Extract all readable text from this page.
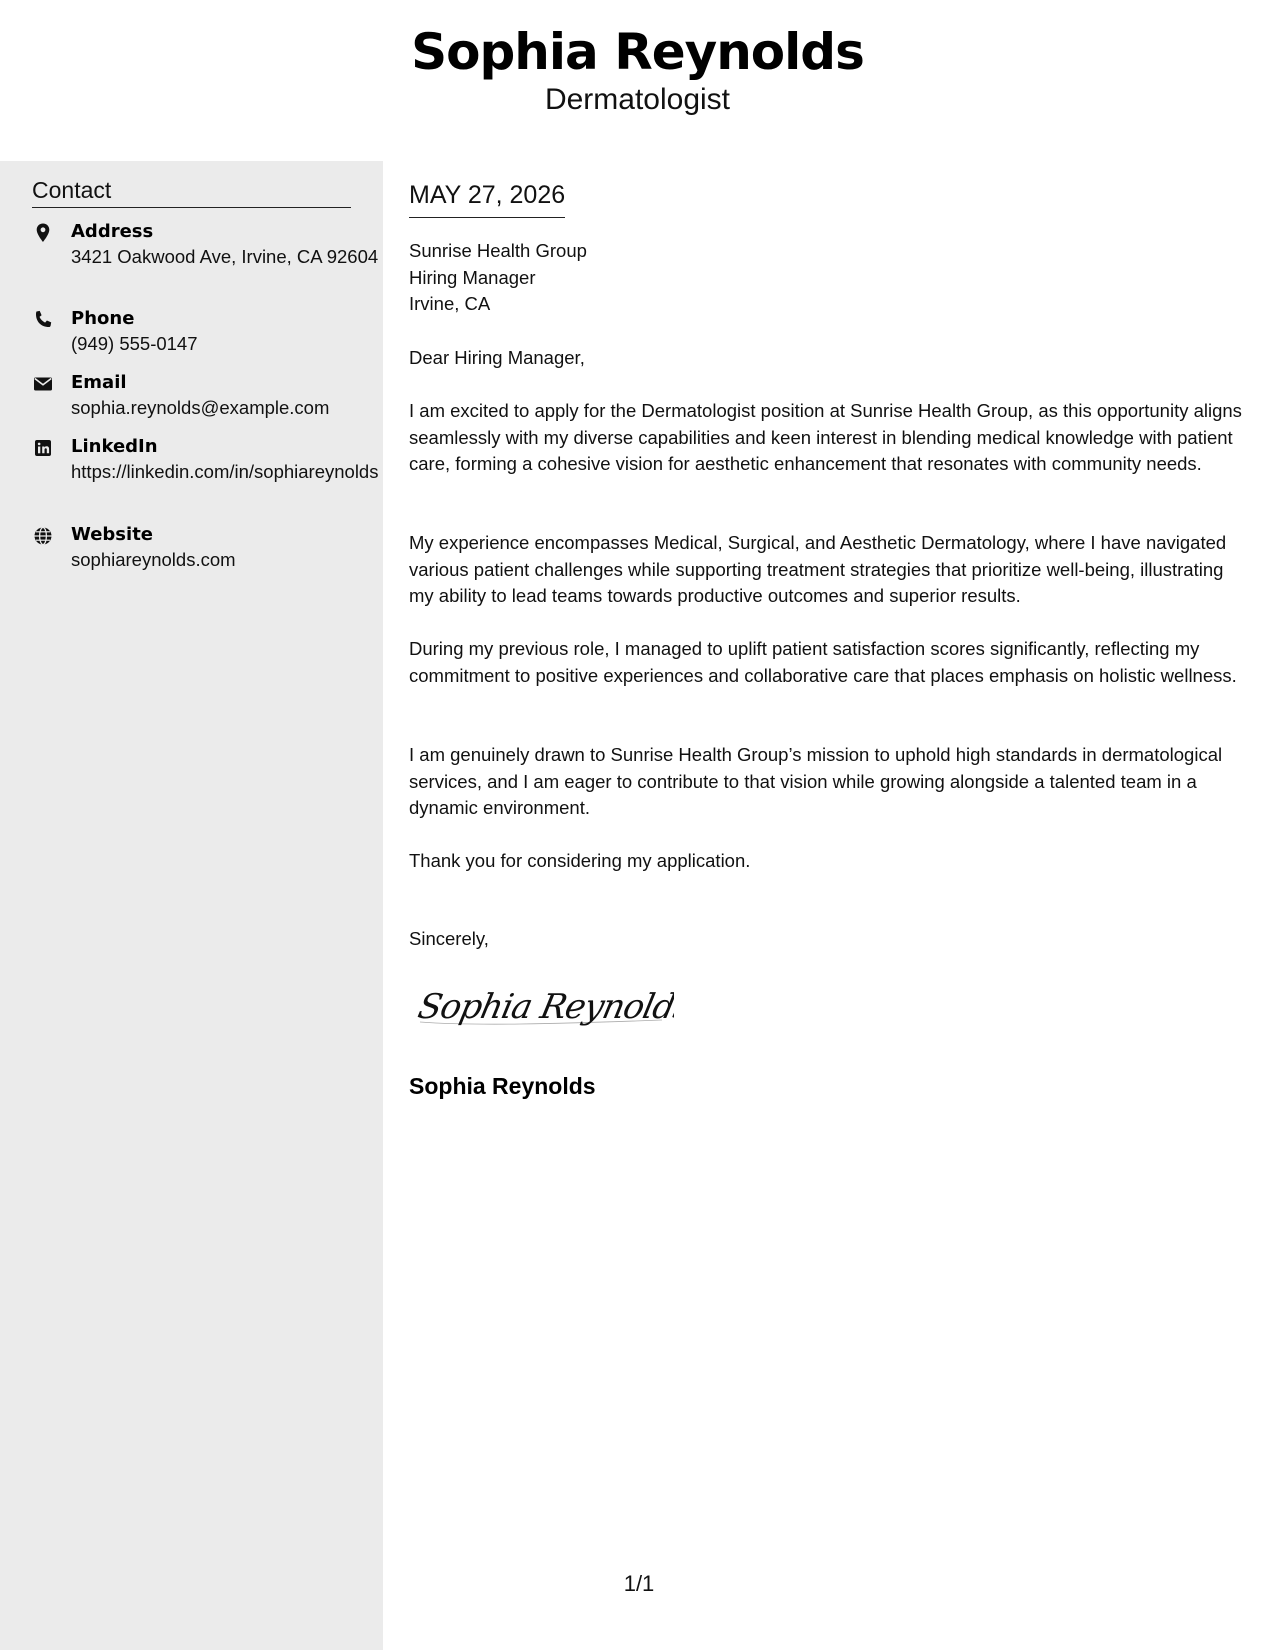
Sophia Reynolds
Dermatologist
Contact
Address
3421 Oakwood Ave, Irvine, CA 92604
Phone
(949) 555-0147
Email
sophia.reynolds@example.com
LinkedIn
https://linkedin.com/in/sophiareynolds
Website
sophiareynolds.com
MAY 27, 2026
Sunrise Health Group
Hiring Manager
Irvine, CA
Dear Hiring Manager,
I am excited to apply for the Dermatologist position at Sunrise Health Group, as this opportunity aligns seamlessly with my diverse capabilities and keen interest in blending medical knowledge with patient care, forming a cohesive vision for aesthetic enhancement that resonates with community needs.
My experience encompasses Medical, Surgical, and Aesthetic Dermatology, where I have navigated various patient challenges while supporting treatment strategies that prioritize well-being, illustrating my ability to lead teams towards productive outcomes and superior results.
During my previous role, I managed to uplift patient satisfaction scores significantly, reflecting my commitment to positive experiences and collaborative care that places emphasis on holistic wellness.
I am genuinely drawn to Sunrise Health Group’s mission to uphold high standards in dermatological services, and I am eager to contribute to that vision while growing alongside a talented team in a dynamic environment.
Thank you for considering my application.
Sincerely,
Sophia Reynolds
Sophia Reynolds
1/1
